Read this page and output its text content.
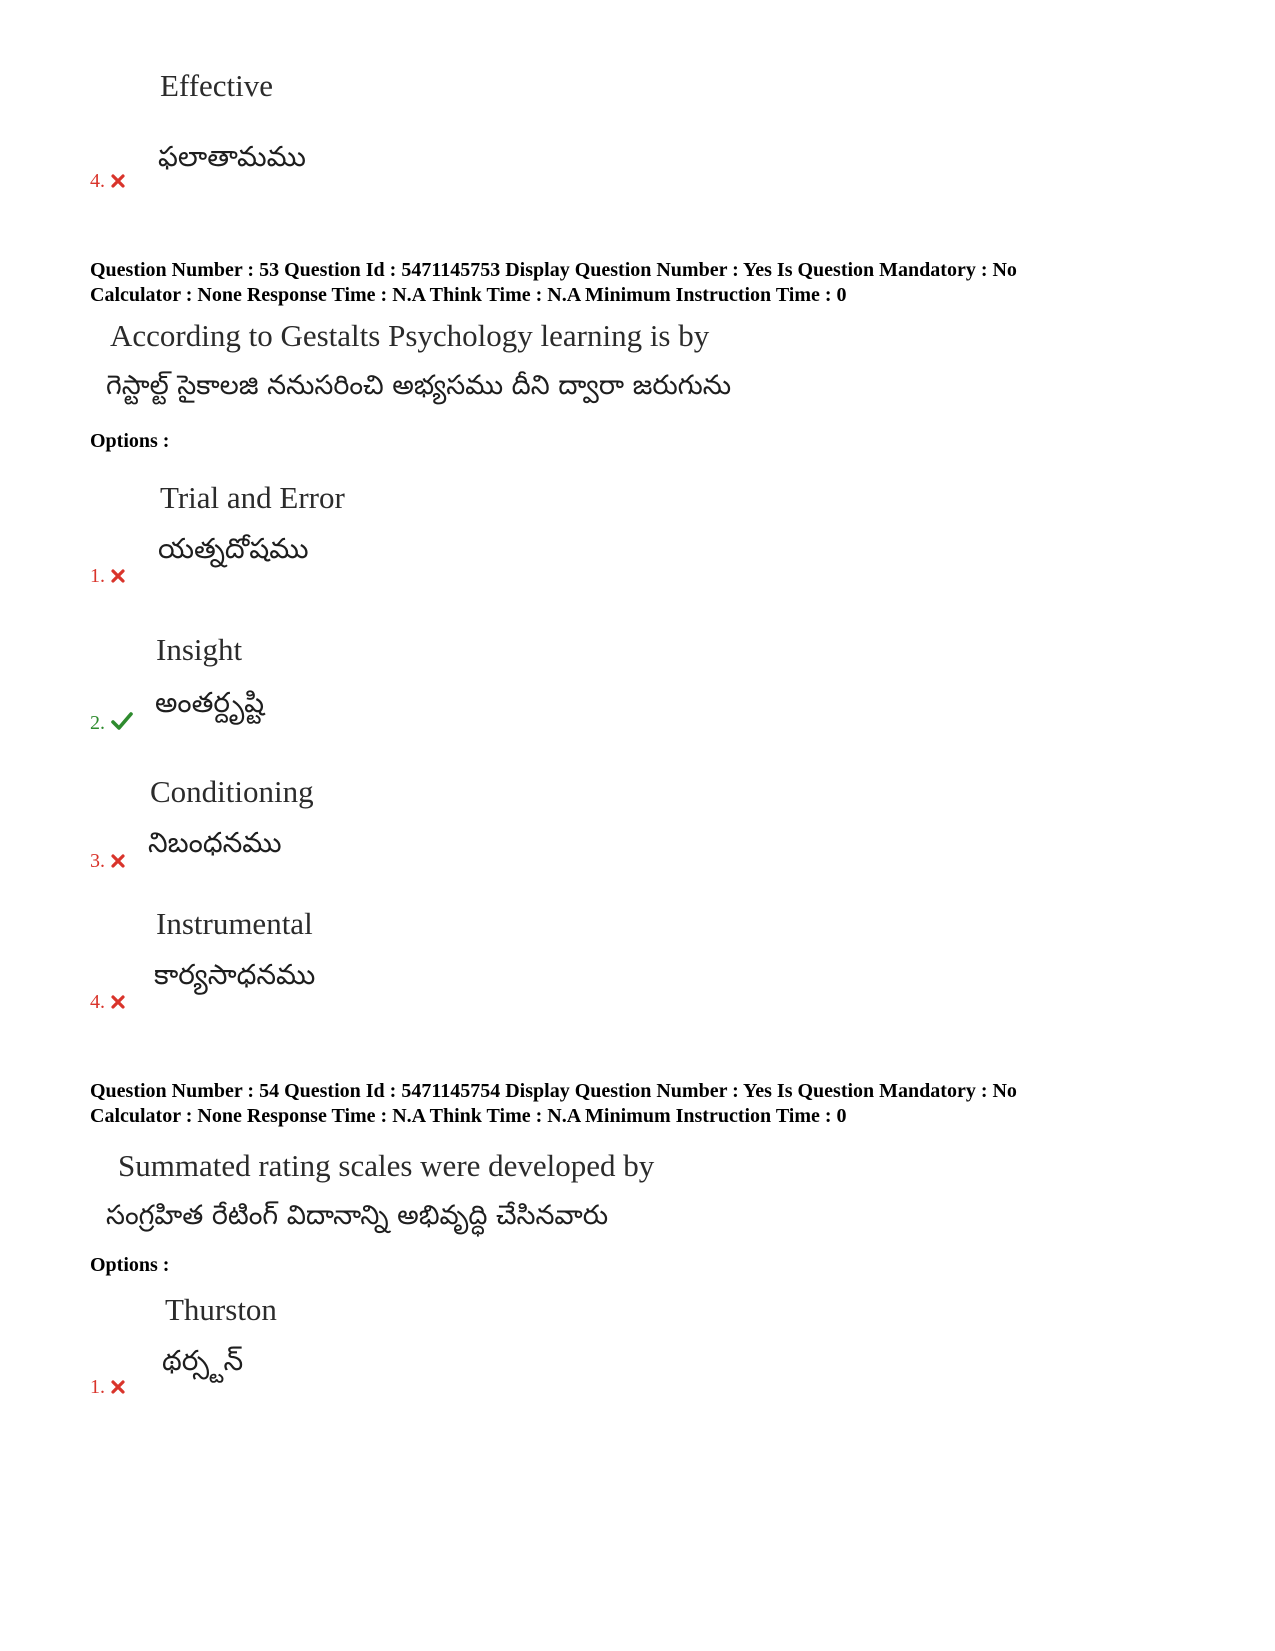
Effective
ఫలాతామము
4.
Question Number : 53 Question Id : 5471145753 Display Question Number : Yes Is Question Mandatory : No
Calculator : None Response Time : N.A Think Time : N.A Minimum Instruction Time : 0
According to Gestalts Psychology learning is by
గెస్టాల్ట్ సైకాలజి ననుసరించి అభ్యసము దీని ద్వారా జరుగును
Options :
Trial and Error
యత్నదోషము
1.
Insight
అంతర్దృష్టి
2.
Conditioning
నిబంధనము
3.
Instrumental
కార్యసాధనము
4.
Question Number : 54 Question Id : 5471145754 Display Question Number : Yes Is Question Mandatory : No
Calculator : None Response Time : N.A Think Time : N.A Minimum Instruction Time : 0
Summated rating scales were developed by
సంగ్రహిత రేటింగ్ విదానాన్ని అభివృద్ధి చేసినవారు
Options :
Thurston
థర్స్టన్
1.
